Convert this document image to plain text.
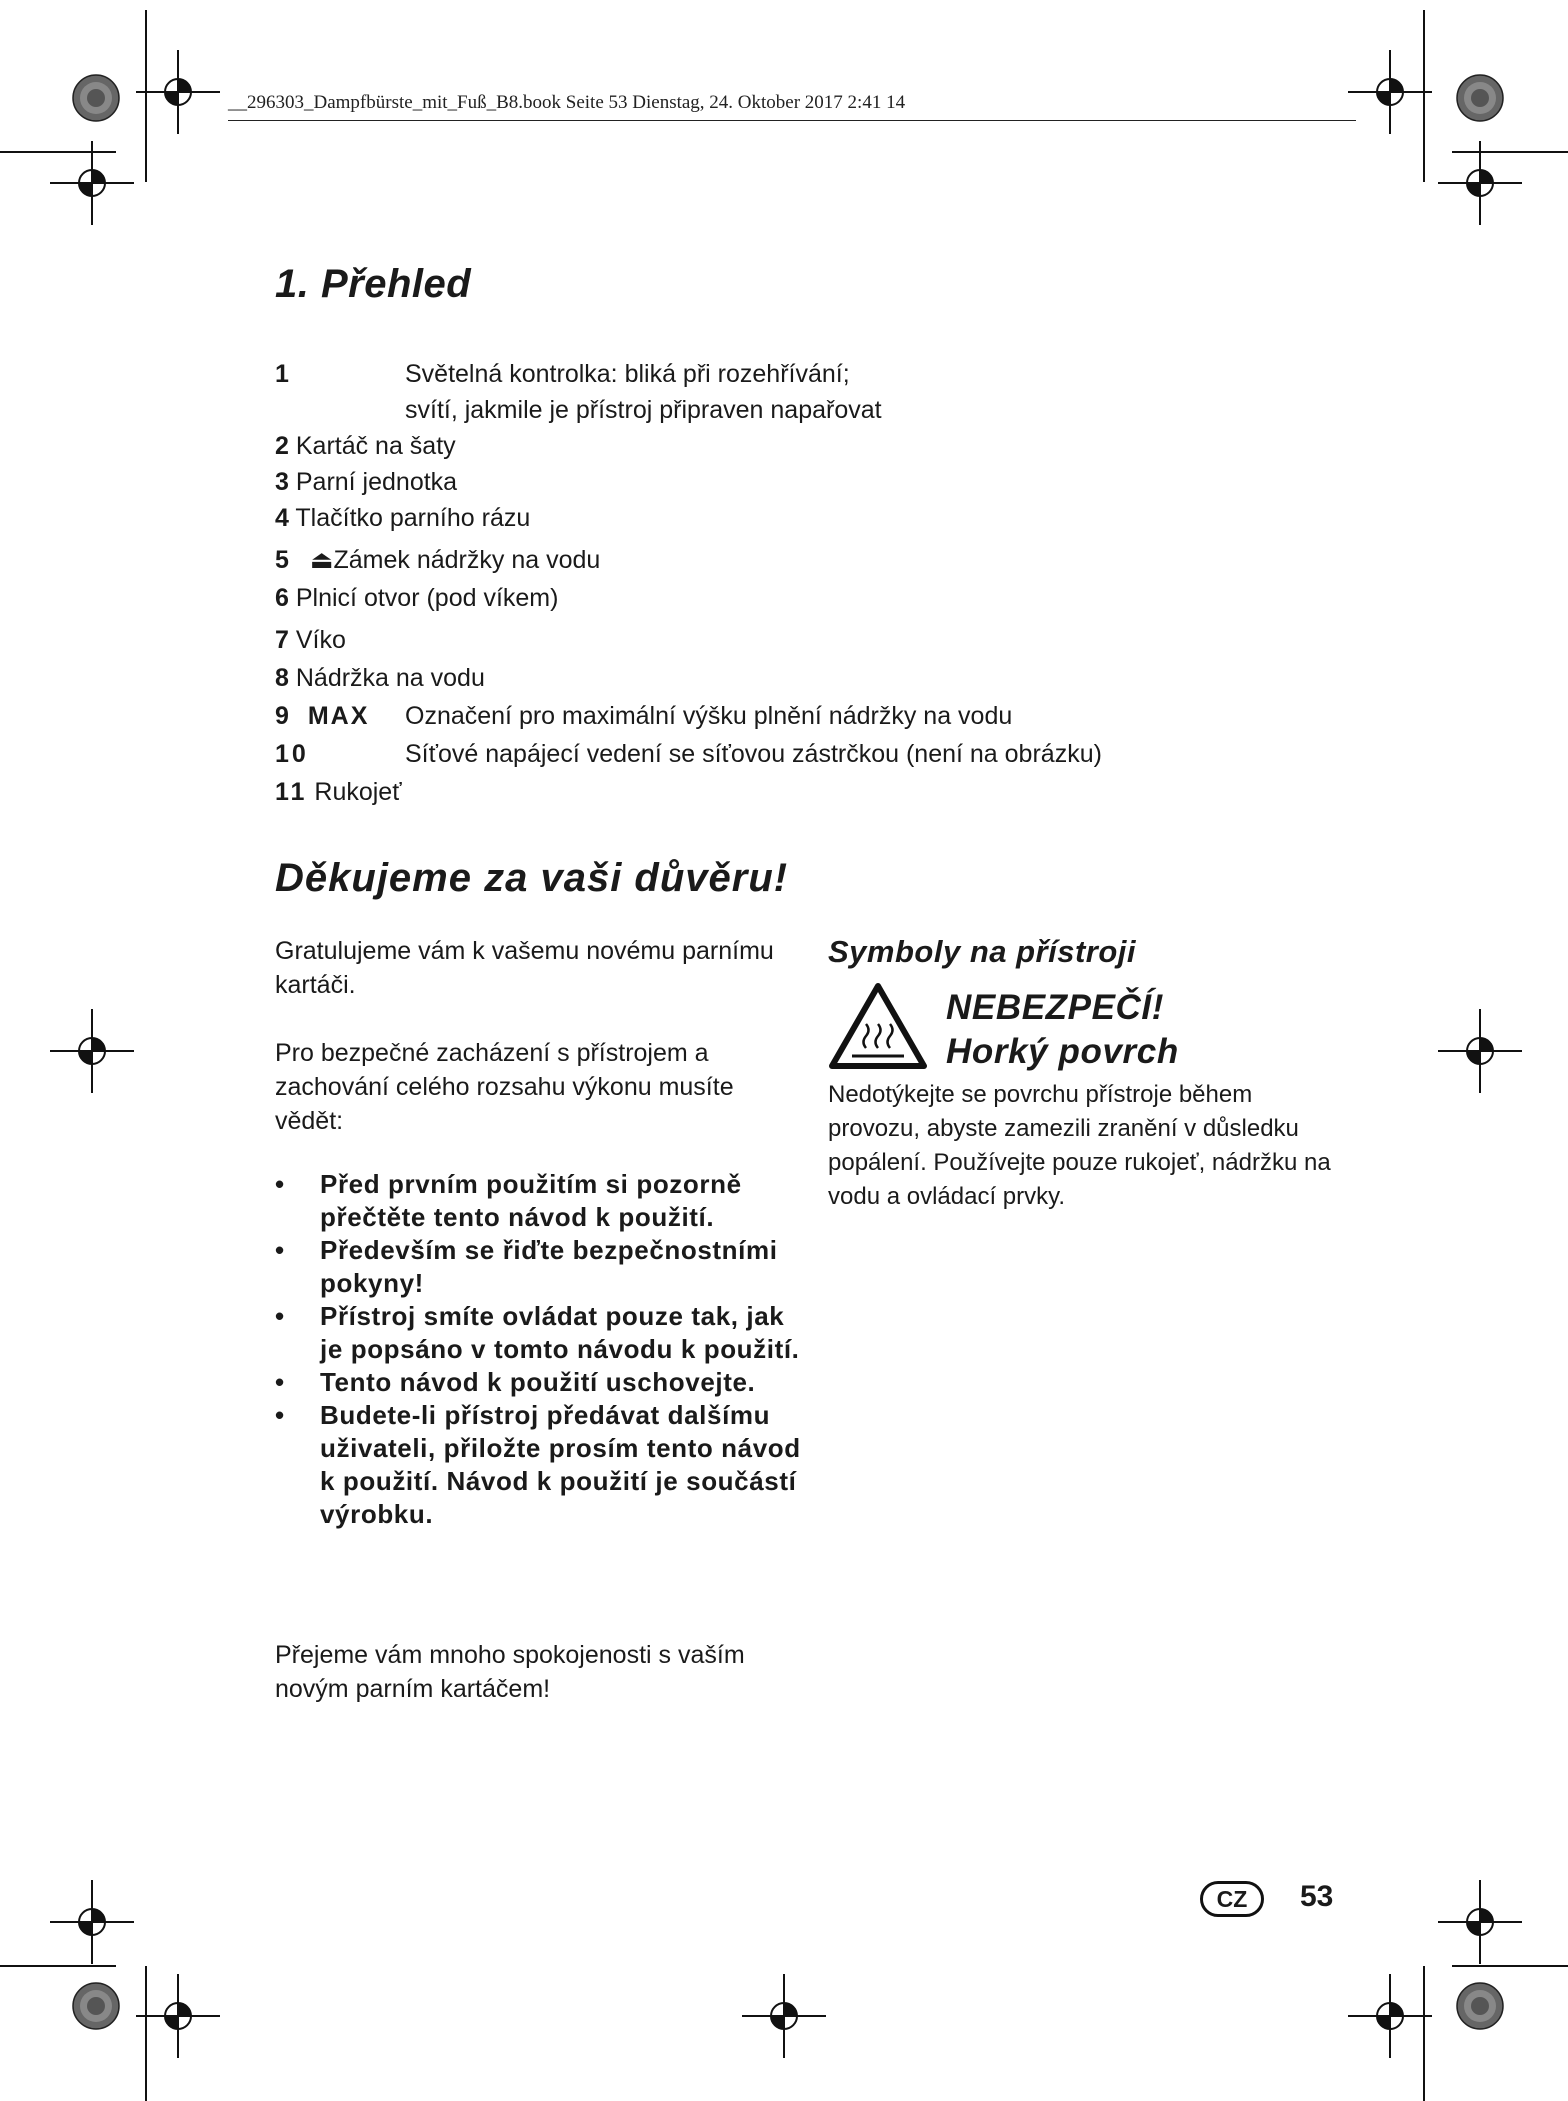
__296303_Dampfbürste_mit_Fuß_B8.book Seite 53 Dienstag, 24. Oktober 2017 2:41 14
1. Přehled
1	Světelná kontrolka: bliká při rozehřívání;
svítí, jakmile je přístroj připraven napařovat
2 Kartáč na šaty
3 Parní jednotka
4 Tlačítko parního rázu
5 ⏏Zámek nádržky na vodu
6 Plnicí otvor (pod víkem)
7 Víko
8 Nádržka na vodu
9 MAX Označení pro maximální výšku plnění nádržky na vodu
10	Síťové napájecí vedení se síťovou zástrčkou (není na obrázku)
11 Rukojeť
Děkujeme za vaši důvěru!
Gratulujeme vám k vašemu novému parnímu kartáči.
Pro bezpečné zacházení s přístrojem a zachování celého rozsahu výkonu musíte vědět:
• Před prvním použitím si pozorně přečtěte tento návod k použití.
• Především se řiďte bezpečnostními pokyny!
• Přístroj smíte ovládat pouze tak, jak je popsáno v tomto návodu k použití.
• Tento návod k použití uschovejte.
• Budete-li přístroj předávat dalšímu uživateli, přiložte prosím tento návod k použití. Návod k použití je součástí výrobku.
Přejeme vám mnoho spokojenosti s vaším novým parním kartáčem!
Symboly na přístroji
NEBEZPEČÍ!
Horký povrch
Nedotýkejte se povrchu přístroje během provozu, abyste zamezili zranění v důsledku popálení. Používejte pouze rukojeť, nádržku na vodu a ovládací prvky.
CZ	53
